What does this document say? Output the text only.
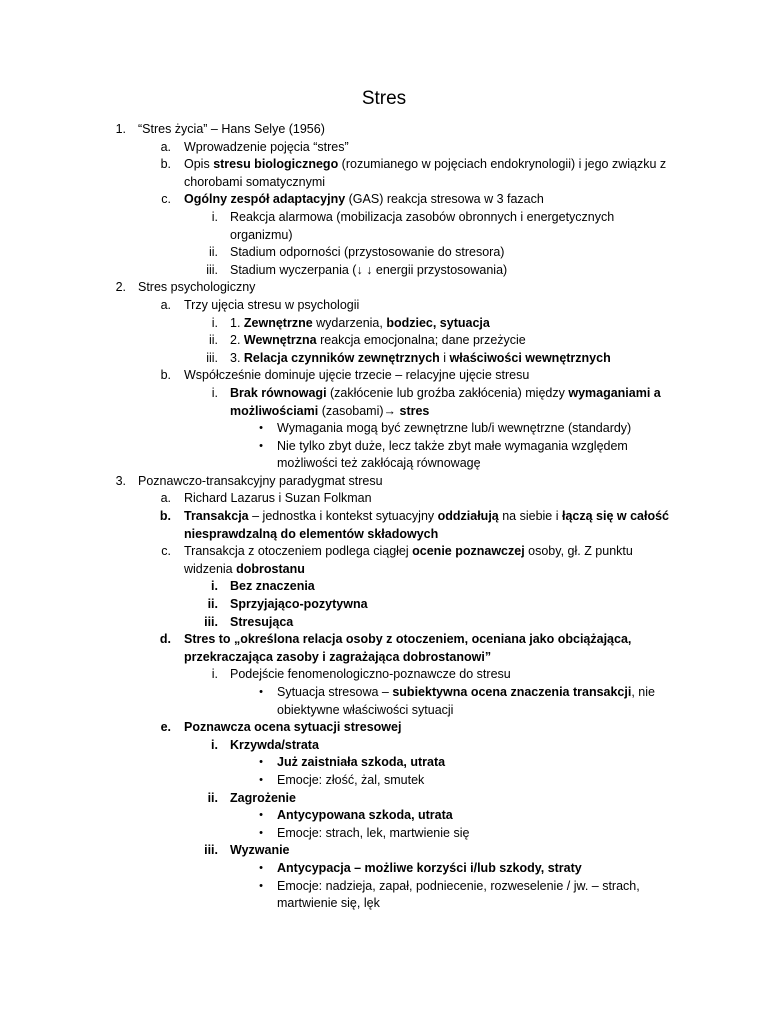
Stres
1. “Stres życia” – Hans Selye (1956)
a. Wprowadzenie pojęcia “stres”
b. Opis stresu biologicznego (rozumianego w pojęciach endokrynologii) i jego związku z
chorobami somatycznymi
c. Ogólny zespół adaptacyjny (GAS) reakcja stresowa w 3 fazach
i. Reakcja alarmowa (mobilizacja zasobów obronnych i energetycznych
organizmu)
ii. Stadium odporności (przystosowanie do stresora)
iii. Stadium wyczerpania (↓ ↓ energii przystosowania)
2. Stres psychologiczny
a. Trzy ujęcia stresu w psychologii
i. 1. Zewnętrzne wydarzenia, bodziec, sytuacja
ii. 2. Wewnętrzna reakcja emocjonalna; dane przeżycie
iii. 3. Relacja czynników zewnętrznych i właściwości wewnętrznych
b. Współcześnie dominuje ujęcie trzecie – relacyjne ujęcie stresu
i. Brak równowagi (zakłócenie lub groźba zakłócenia) między wymaganiami a
możliwościami (zasobami)→ stres
• Wymagania mogą być zewnętrzne lub/i wewnętrzne (standardy)
• Nie tylko zbyt duże, lecz także zbyt małe wymagania względem
możliwości też zakłócają równowagę
3. Poznawczo-transakcyjny paradygmat stresu
a. Richard Lazarus i Suzan Folkman
b. Transakcja – jednostka i kontekst sytuacyjny oddziałują na siebie i łączą się w całość
niesprawdzalną do elementów składowych
c. Transakcja z otoczeniem podlega ciągłej ocenie poznawczej osoby, gł. Z punktu
widzenia dobrostanu
i. Bez znaczenia
ii. Sprzyjająco-pozytywna
iii. Stresująca
d. Stres to „określona relacja osoby z otoczeniem, oceniana jako obciążająca,
przekraczająca zasoby i zagrażająca dobrostanowi”
i. Podejście fenomenologiczno-poznawcze do stresu
• Sytuacja stresowa – subiektywna ocena znaczenia transakcji, nie
obiektywne właściwości sytuacji
e. Poznawcza ocena sytuacji stresowej
i. Krzywda/strata
• Już zaistniała szkoda, utrata
• Emocje: złość, żal, smutek
ii. Zagrożenie
• Antycypowana szkoda, utrata
• Emocje: strach, lek, martwienie się
iii. Wyzwanie
• Antycypacja – możliwe korzyści i/lub szkody, straty
• Emocje: nadzieja, zapał, podniecenie, rozweselenie / jw. – strach,
martwienie się, lęk
